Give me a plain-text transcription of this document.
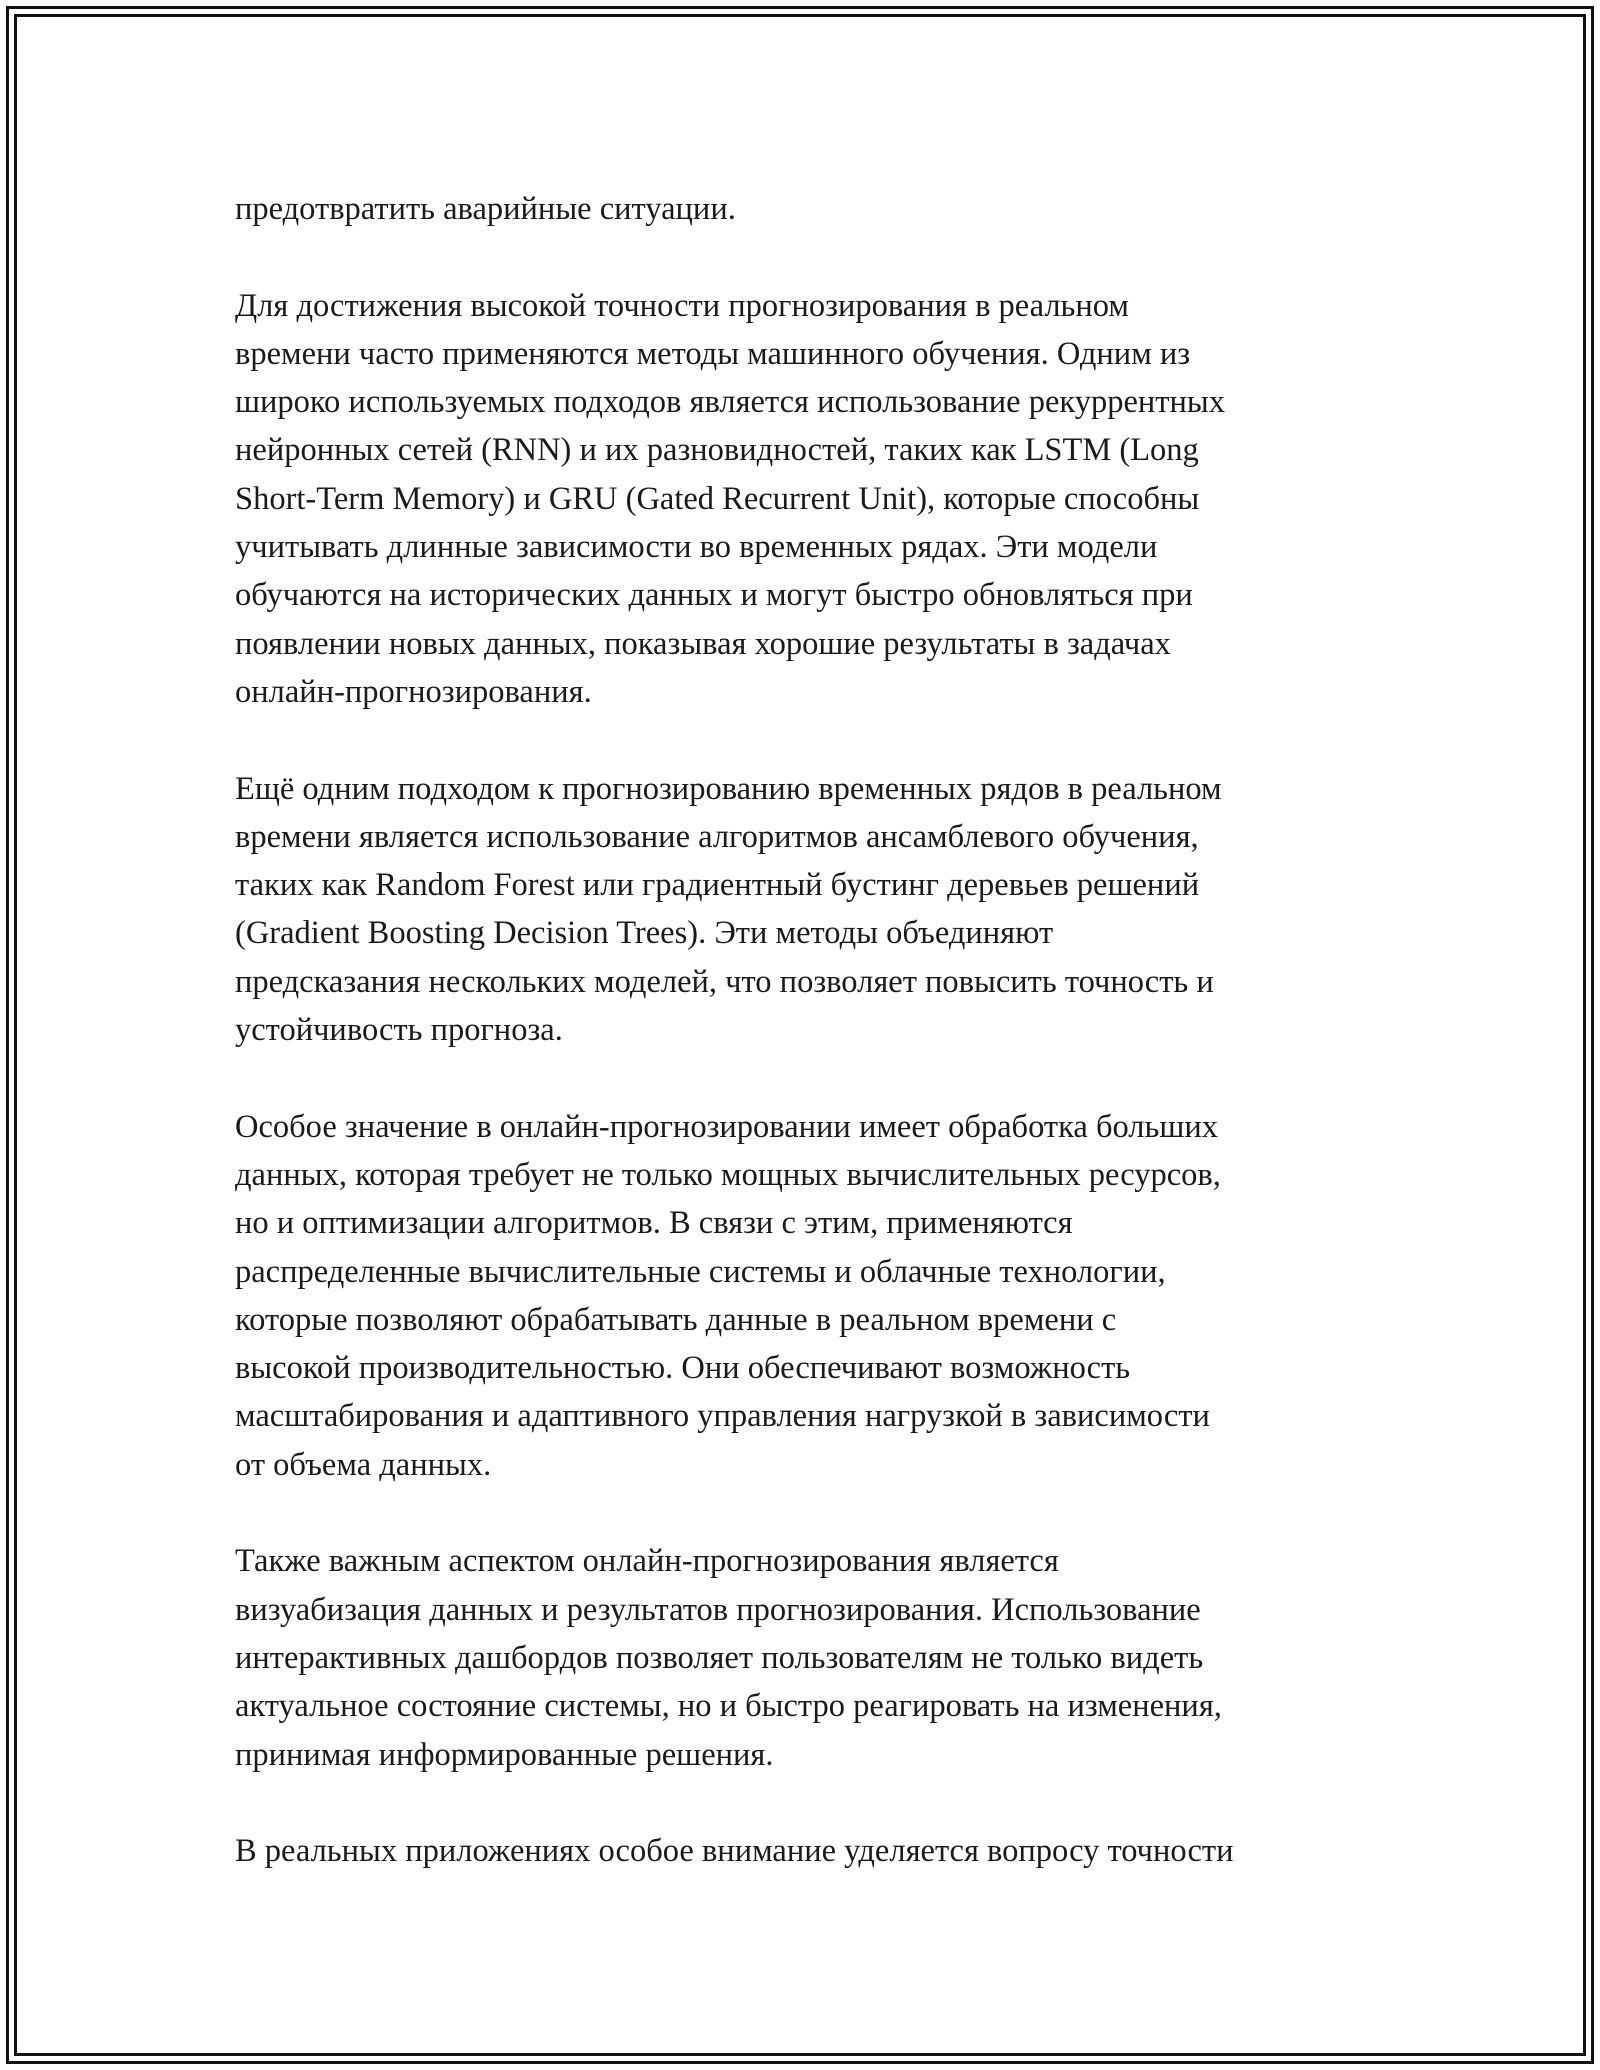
предотвратить аварийные ситуации.

Для достижения высокой точности прогнозирования в реальном
времени часто применяются методы машинного обучения. Одним из
широко используемых подходов является использование рекуррентных
нейронных сетей (RNN) и их разновидностей, таких как LSTM (Long
Short-Term Memory) и GRU (Gated Recurrent Unit), которые способны
учитывать длинные зависимости во временных рядах. Эти модели
обучаются на исторических данных и могут быстро обновляться при
появлении новых данных, показывая хорошие результаты в задачах
онлайн-прогнозирования.

Ещё одним подходом к прогнозированию временных рядов в реальном
времени является использование алгоритмов ансамблевого обучения,
таких как Random Forest или градиентный бустинг деревьев решений
(Gradient Boosting Decision Trees). Эти методы объединяют
предсказания нескольких моделей, что позволяет повысить точность и
устойчивость прогноза.

Особое значение в онлайн-прогнозировании имеет обработка больших
данных, которая требует не только мощных вычислительных ресурсов,
но и оптимизации алгоритмов. В связи с этим, применяются
распределенные вычислительные системы и облачные технологии,
которые позволяют обрабатывать данные в реальном времени с
высокой производительностью. Они обеспечивают возможность
масштабирования и адаптивного управления нагрузкой в зависимости
от объема данных.

Также важным аспектом онлайн-прогнозирования является
визуабизация данных и результатов прогнозирования. Использование
интерактивных дашбордов позволяет пользователям не только видеть
актуальное состояние системы, но и быстро реагировать на изменения,
принимая информированные решения.

В реальных приложениях особое внимание уделяется вопросу точности
